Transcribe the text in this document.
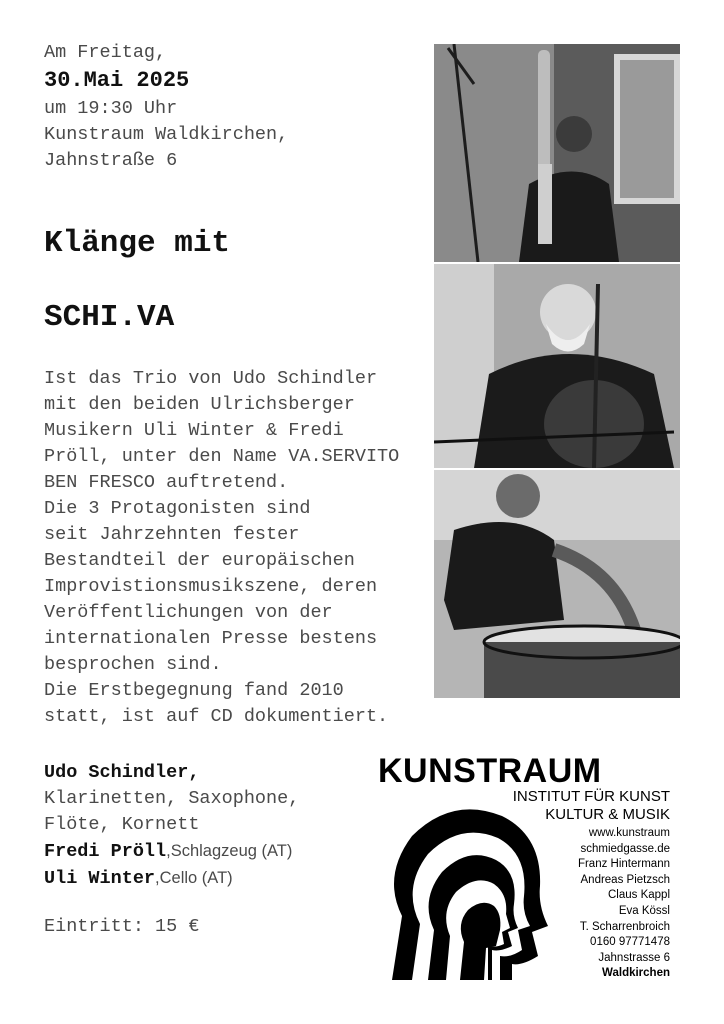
Am Freitag,
30.Mai 2025
um 19:30 Uhr
Kunstraum Waldkirchen,
Jahnstraße 6
Klänge mit
SCHI.VA
Ist das Trio von Udo Schindler
mit den beiden Ulrichsberger
Musikern Uli Winter & Fredi
Pröll, unter den Name VA.SERVITO
BEN FRESCO auftretend.
Die 3 Protagonisten sind
seit Jahrzehnten fester
Bestandteil der europäischen
Improvistionsmusikszene, deren
Veröffentlichungen von der
internationalen Presse bestens
besprochen sind.
Die Erstbegegnung fand 2010
statt, ist auf CD dokumentiert.
Udo Schindler,
Klarinetten, Saxophone,
Flöte, Kornett
Fredi Pröll,Schlagzeug (AT)
Uli Winter,Cello (AT)
Eintritt: 15 €
KUNSTRAUM
INSTITUT FÜR KUNST
KULTUR & MUSIK
www.kunstraum
schmiedgasse.de
Franz Hintermann
Andreas Pietzsch
Claus Kappl
Eva Kössl
T. Scharrenbroich
0160 97771478
Jahnstrasse 6
Waldkirchen
